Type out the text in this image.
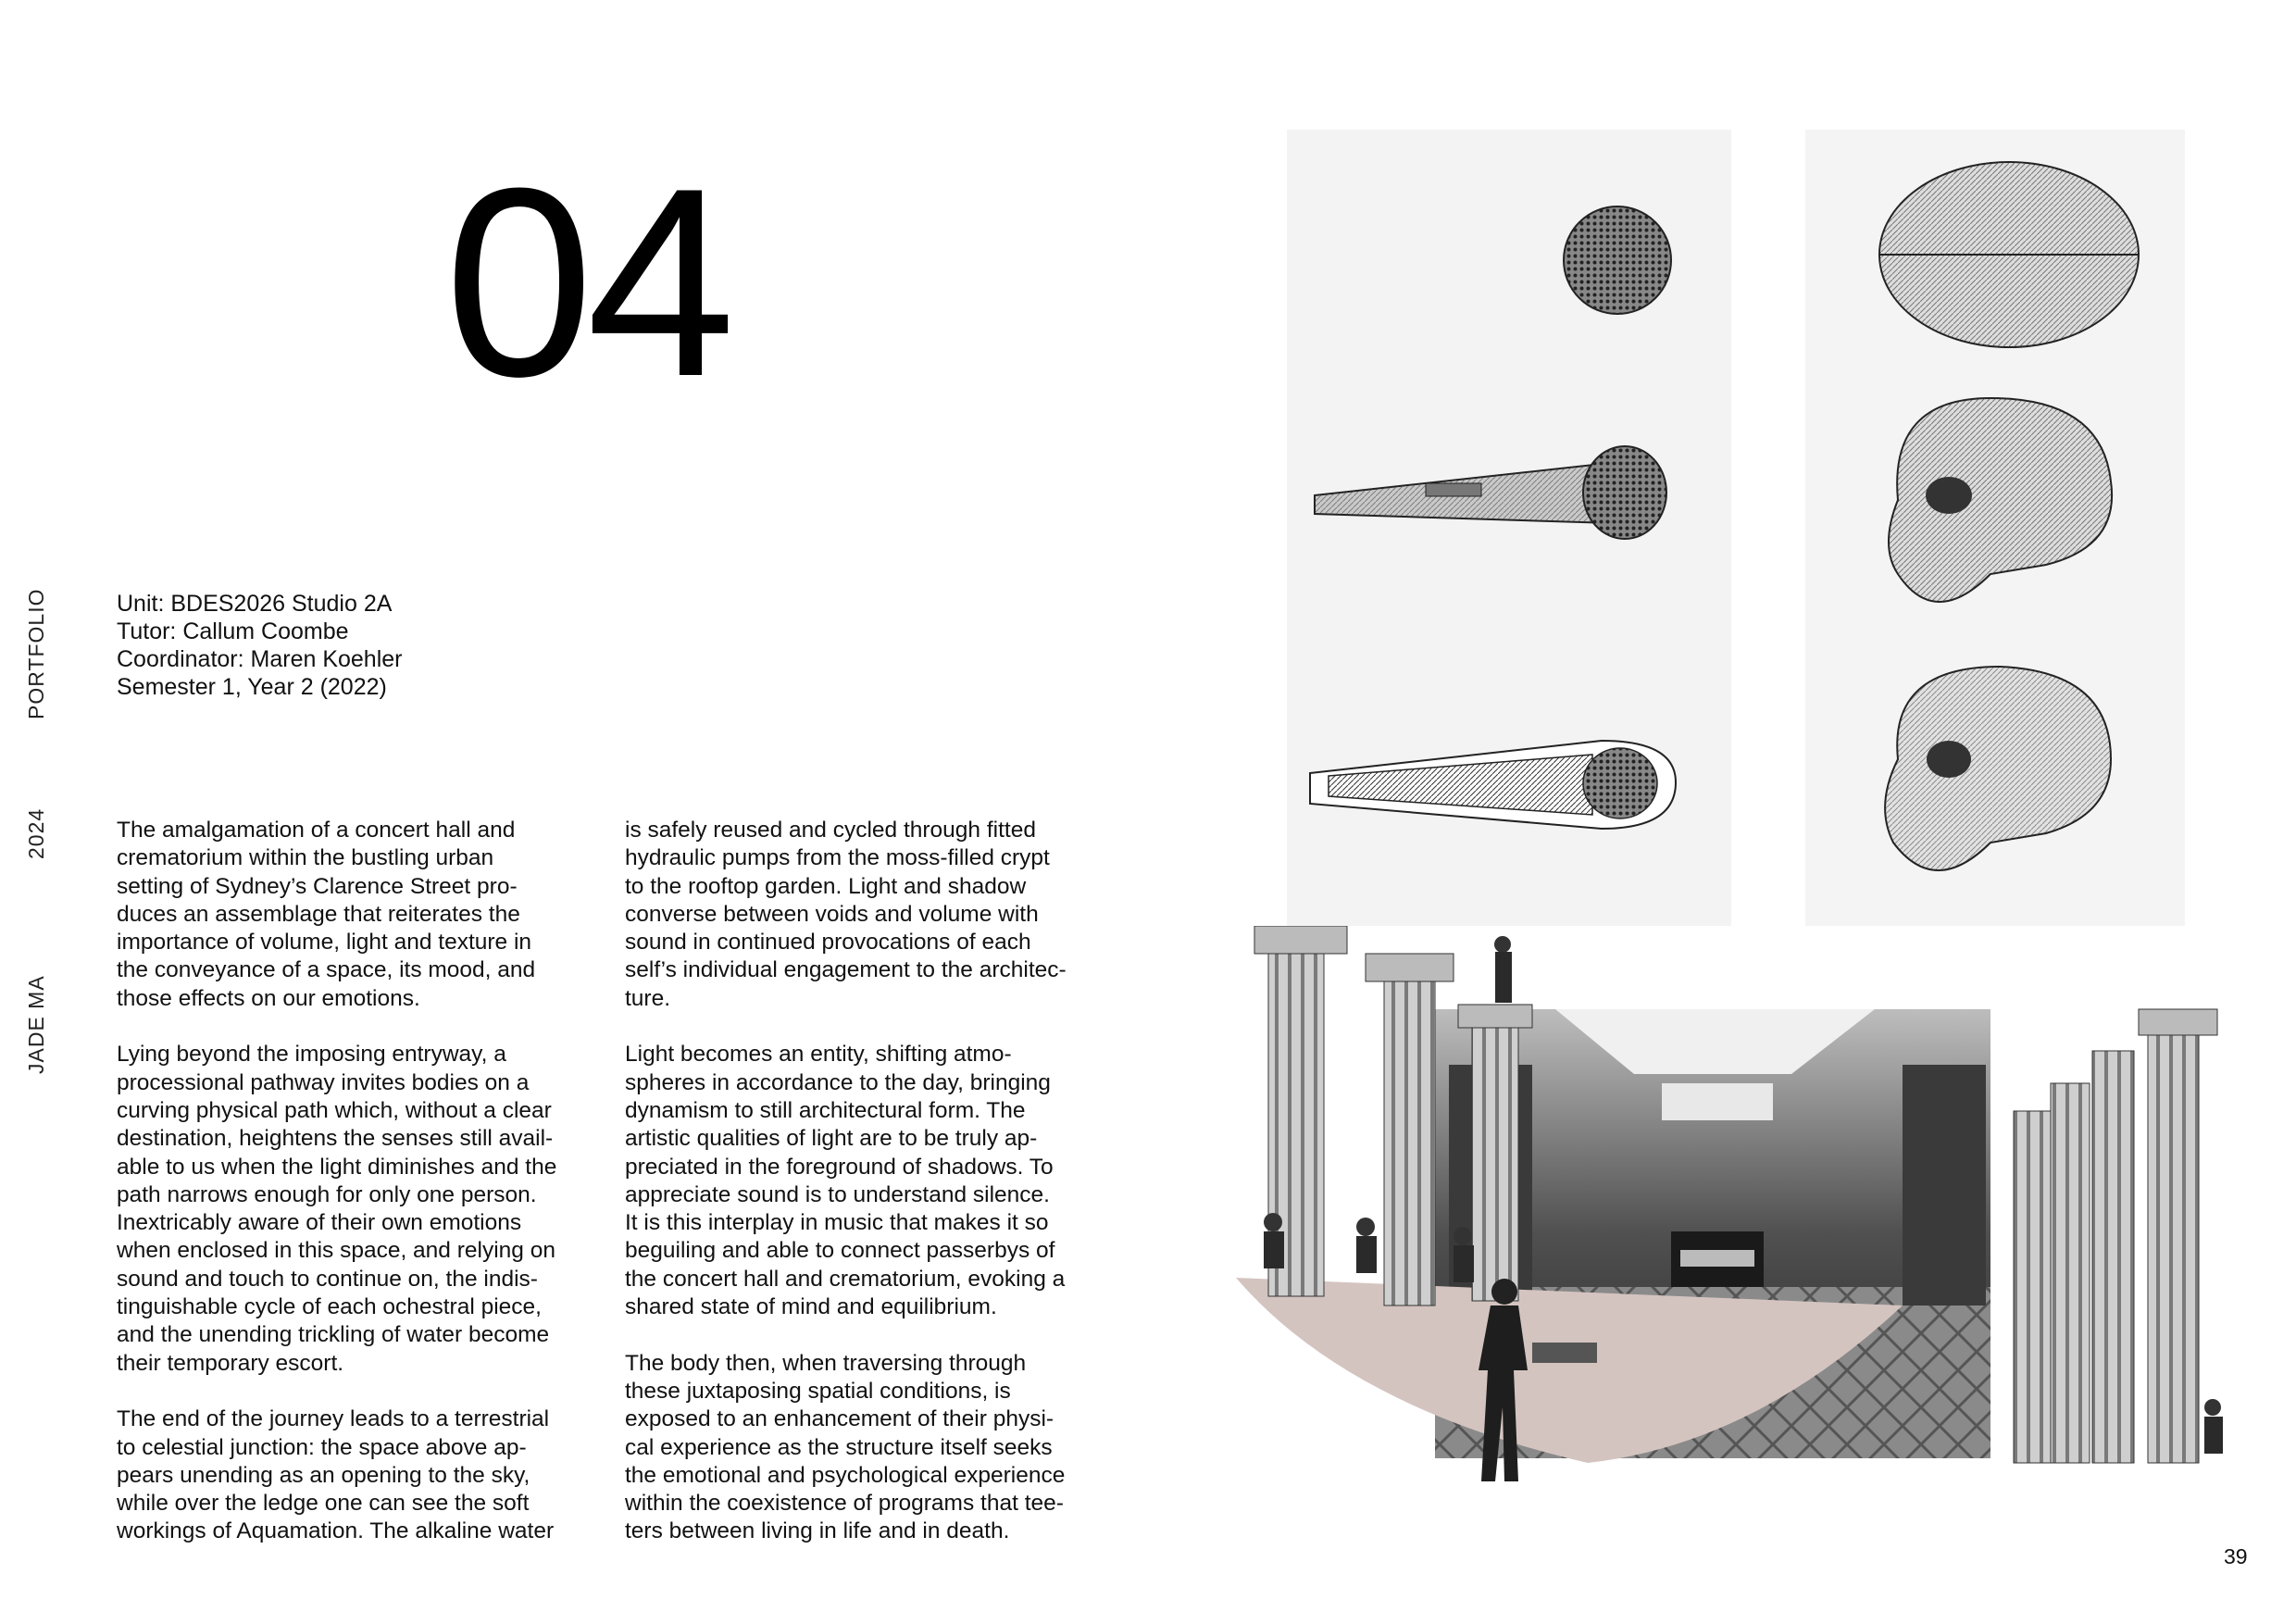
PORTFOLIO
2024
JADE MA
04
Unit: BDES2026 Studio 2A
Tutor: Callum Coombe
Coordinator: Maren Koehler
Semester 1, Year 2 (2022)

The amalgamation of a concert hall and
crematorium within the bustling urban
setting of Sydney’s Clarence Street pro-
duces an assemblage that reiterates the
importance of volume, light and texture in
the conveyance of a space, its mood, and
those effects on our emotions.

Lying beyond the imposing entryway, a
processional pathway invites bodies on a
curving physical path which, without a clear
destination, heightens the senses still avail-
able to us when the light diminishes and the
path narrows enough for only one person.
Inextricably aware of their own emotions
when enclosed in this space, and relying on
sound and touch to continue on, the indis-
tinguishable cycle of each ochestral piece,
and the unending trickling of water become
their temporary escort.

The end of the journey leads to a terrestrial
to celestial junction: the space above ap-
pears unending as an opening to the sky,
while over the ledge one can see the soft
workings of Aquamation. The alkaline water

is safely reused and cycled through fitted
hydraulic pumps from the moss-filled crypt
to the rooftop garden. Light and shadow
converse between voids and volume with
sound in continued provocations of each
self’s individual engagement to the architec-
ture.

Light becomes an entity, shifting atmo-
spheres in accordance to the day, bringing
dynamism to still architectural form. The
artistic qualities of light are to be truly ap-
preciated in the foreground of shadows. To
appreciate sound is to understand silence.
It is this interplay in music that makes it so
beguiling and able to connect passerbys of
the concert hall and crematorium, evoking a
shared state of mind and equilibrium.

The body then, when traversing through
these juxtaposing spatial conditions, is
exposed to an enhancement of their physi-
cal experience as the structure itself seeks
the emotional and psychological experience
within the coexistence of programs that tee-
ters between living in life and in death.

39
